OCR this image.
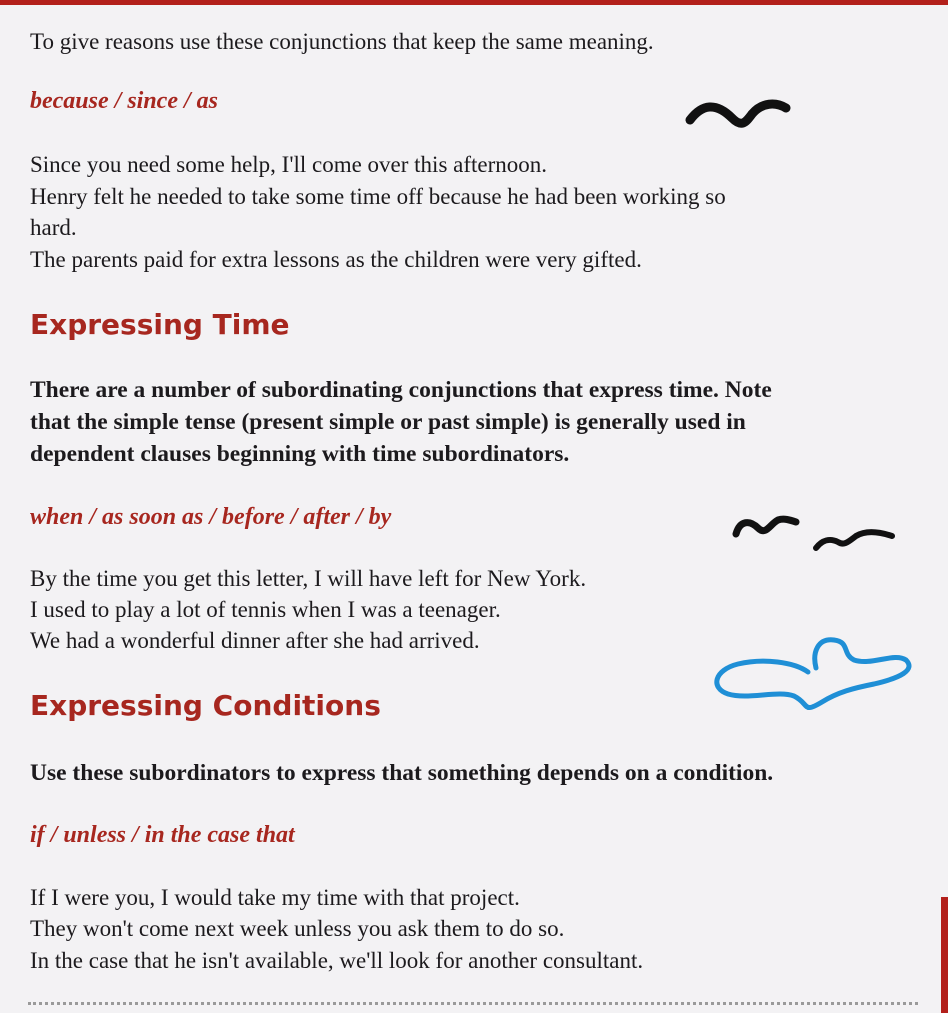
To give reasons use these conjunctions that keep the same meaning.

because / since / as

Since you need some help, I'll come over this afternoon.

Henry felt he needed to take some time off because he had been working so

hard.

The parents paid for extra lessons as the children were very gifted.

Expressing Time

There are a number of subordinating conjunctions that express time. Note

that the simple tense (present simple or past simple) is generally used in

dependent clauses beginning with time subordinators.

when / as soon as / before / after / by

By the time you get this letter, I will have left for New York.

I used to play a lot of tennis when I was a teenager.

We had a wonderful dinner after she had arrived.

Expressing Conditions

Use these subordinators to express that something depends on a condition.

if / unless / in the case that

If I were you, I would take my time with that project.

They won't come next week unless you ask them to do so.

In the case that he isn't available, we'll look for another consultant.
